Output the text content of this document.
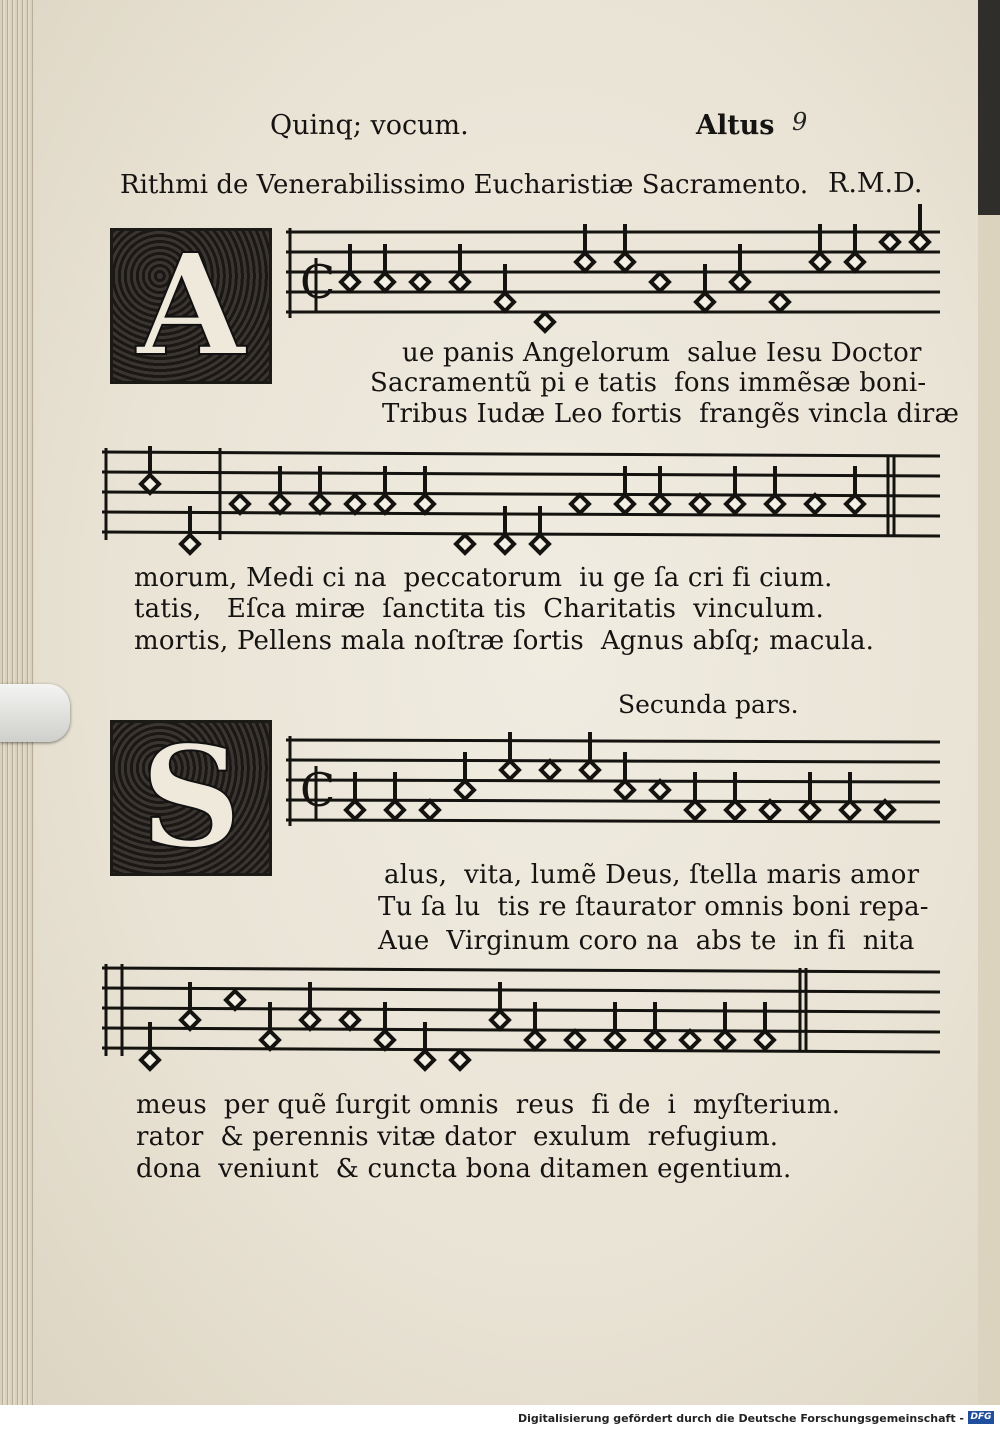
Quinq; vocum.	Altus 9
Rithmi de Venerabilissimo Eucharistiæ Sacramento. R.M.D.
A
S
C
C
ue panis Angelorum  salue Iesu Doctor
Sacramentũ pi e tatis  fons immẽsæ boni-
Tribus Iudæ Leo fortis  frangẽs vincla diræ
morum, Medi ci na  peccatorum  iu ge ſa cri fi cium.
tatis,   Eſca miræ  ſanctita tis  Charitatis  vinculum.
mortis, Pellens mala noſtræ ſortis  Agnus abſq; macula.
Secunda pars.
alus,  vita, lumẽ Deus, ſtella maris amor
Tu ſa lu  tis re ſtaurator omnis boni repa-
Aue  Virginum coro na  abs te  in fi  nita
meus  per quẽ ſurgit omnis  reus  fi de  i  myſterium.
rator  & perennis vitæ dator  exulum  refugium.
dona  veniunt  & cuncta bona ditamen egentium.
Digitalisierung gefördert durch die Deutsche Forschungsgemeinschaft - DFG
